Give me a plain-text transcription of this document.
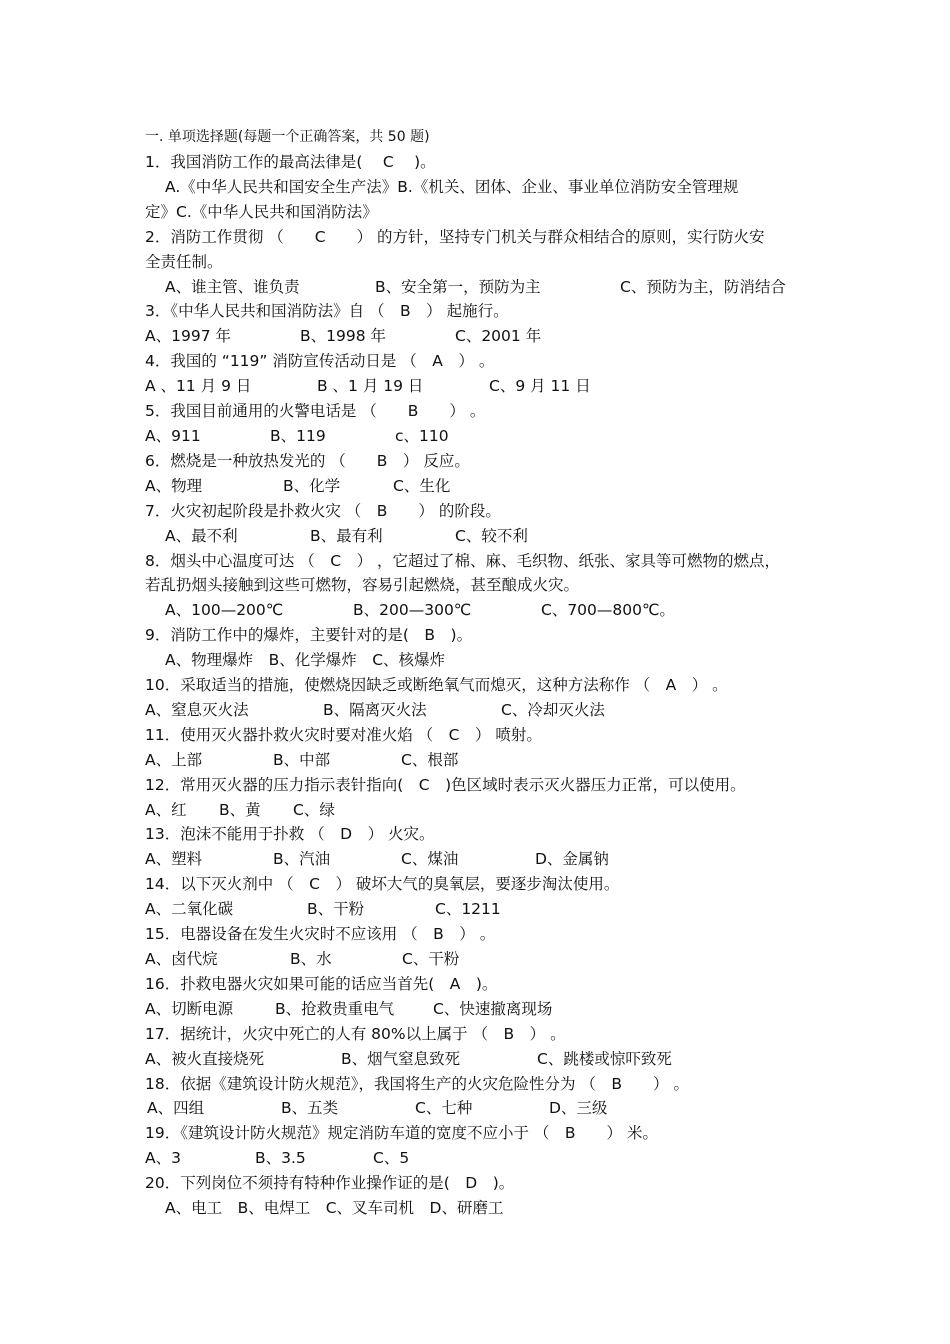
一. 单项选择题(每题一个正确答案，共 50 题)
1．我国消防工作的最高法律是(　 C　 )。
A.《中华人民共和国安全生产法》B.《机关、团体、企业、事业单位消防安全管理规
定》C.《中华人民共和国消防法》
2．消防工作贯彻 （　　C　　） 的方针，坚持专门机关与群众相结合的原则，实行防火安
全责任制。
A、谁主管、谁负责	B、安全第一，预防为主	C、预防为主，防消结合
3．《中华人民共和国消防法》自 （　B　） 起施行。
A、1997 年	B、1998 年	C、2001 年
4．我国的 “119” 消防宣传活动日是 （　A　） 。
A 、11 月 9 日	B 、1 月 19 日	C、9 月 11 日
5．我国目前通用的火警电话是 （　　B　　） 。
A、911	B、119	c、110
6．燃烧是一种放热发光的 （　　B　） 反应。
A、物理	B、化学	C、生化
7．火灾初起阶段是扑救火灾 （　B　　） 的阶段。
A、最不利	B、最有利	C、较不利
8．烟头中心温度可达 （　C　） ，它超过了棉、麻、毛织物、纸张、家具等可燃物的燃点，
若乱扔烟头接触到这些可燃物，容易引起燃烧，甚至酿成火灾。
A、100—200℃	B、200—300℃	C、700—800℃。
9．消防工作中的爆炸，主要针对的是(　B　)。
A、物理爆炸　B、化学爆炸　C、核爆炸
10．采取适当的措施，使燃烧因缺乏或断绝氧气而熄灭，这种方法称作 （　A　） 。
A、窒息灭火法	B、隔离灭火法	C、冷却灭火法
11．使用灭火器扑救火灾时要对准火焰 （　C　） 喷射。
A、上部	B、中部	C、根部
12．常用灭火器的压力指示表针指向(　C　)色区域时表示灭火器压力正常，可以使用。
A、红 B、黄 C、绿
13．泡沫不能用于扑救 （　D　） 火灾。
A、塑料	B、汽油	C、煤油	D、金属钠
14．以下灭火剂中 （　C　） 破坏大气的臭氧层，要逐步淘汰使用。
A、二氧化碳	B、干粉	C、1211
15．电器设备在发生火灾时不应该用 （　B　） 。
A、卤代烷	B、水	C、干粉
16．扑救电器火灾如果可能的话应当首先(　A　)。
A、切断电源	B、抢救贵重电气	C、快速撤离现场
17．据统计，火灾中死亡的人有 80%以上属于 （　B　） 。
A、被火直接烧死	B、烟气窒息致死	C、跳楼或惊吓致死
18．依据《建筑设计防火规范》，我国将生产的火灾危险性分为 （　B　　） 。
A、四组	B、五类	C、七种	D、三级
19．《建筑设计防火规范》规定消防车道的宽度不应小于 （　B　　） 米。
A、3	B、3.5	C、5
20．下列岗位不须持有特种作业操作证的是(　D　)。
A、电工　B、电焊工　C、叉车司机　D、研磨工
